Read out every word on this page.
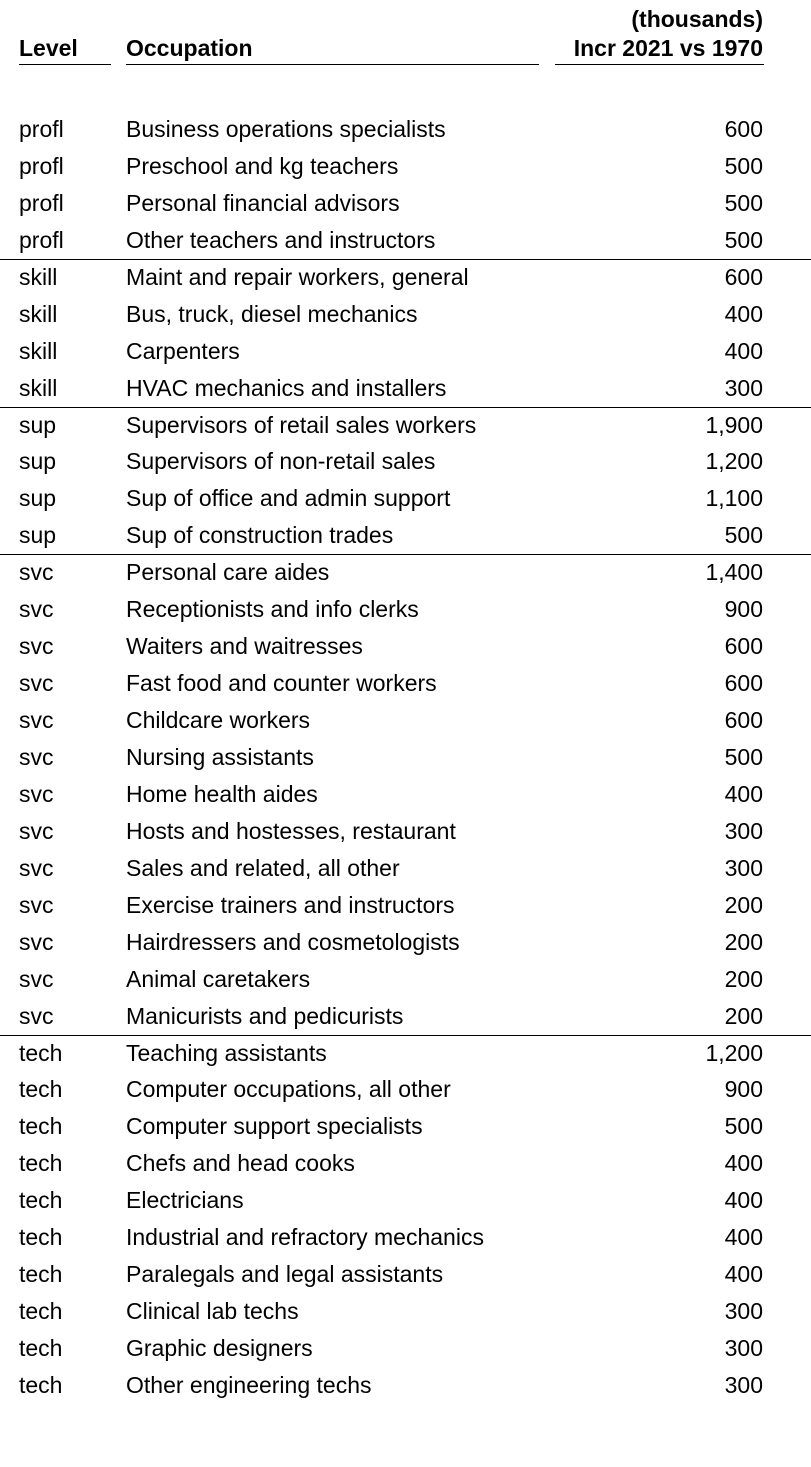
Level Occupation
(thousands)
Incr 2021 vs 1970
profl	Business operations specialists	600
profl	Preschool and kg teachers	500
profl	Personal financial advisors	500
profl	Other teachers and instructors	500
skill	Maint and repair workers, general	600
skill	Bus, truck, diesel mechanics	400
skill	Carpenters	400
skill	HVAC mechanics and installers	300
sup	Supervisors of retail sales workers	1,900
sup	Supervisors of non-retail sales	1,200
sup	Sup of office and admin support	1,100
sup	Sup of construction trades	500
svc	Personal care aides	1,400
svc	Receptionists and info clerks	900
svc	Waiters and waitresses	600
svc	Fast food and counter workers	600
svc	Childcare workers	600
svc	Nursing assistants	500
svc	Home health aides	400
svc	Hosts and hostesses, restaurant	300
svc	Sales and related, all other	300
svc	Exercise trainers and instructors	200
svc	Hairdressers and cosmetologists	200
svc	Animal caretakers	200
svc	Manicurists and pedicurists	200
tech	Teaching assistants	1,200
tech	Computer occupations, all other	900
tech	Computer support specialists	500
tech	Chefs and head cooks	400
tech	Electricians	400
tech	Industrial and refractory mechanics	400
tech	Paralegals and legal assistants	400
tech	Clinical lab techs	300
tech	Graphic designers	300
tech	Other engineering techs	300
